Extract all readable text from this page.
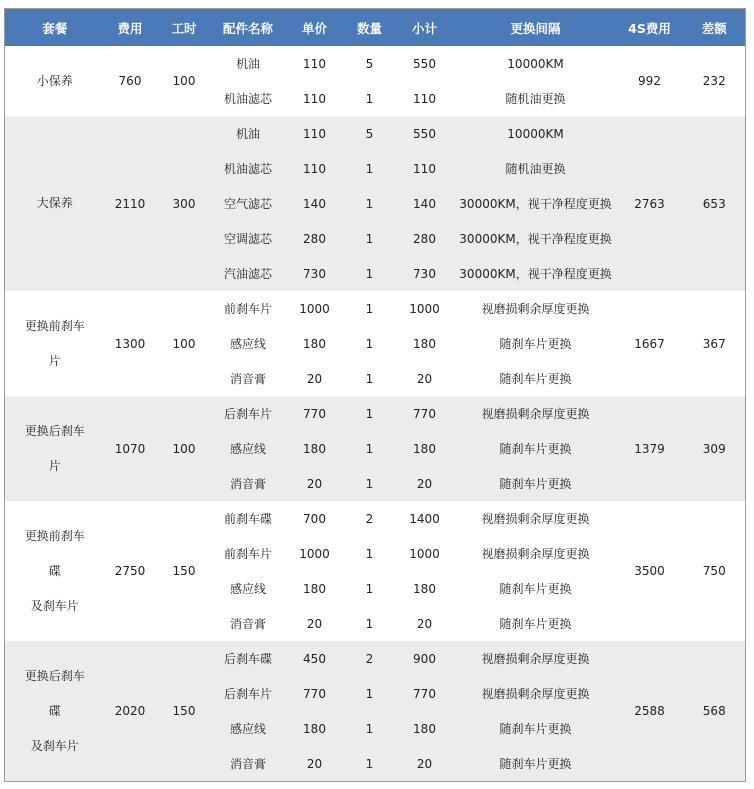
套餐	费用	工时	配件名称	单价	数量	小计	更换间隔	4S费用	差额

小保养	760	100	机油	110	5	550	10000KM	992	232
			机油滤芯	110	1	110	随机油更换		

大保养	2110	300	机油	110	5	550	10000KM	2763	653
			机油滤芯	110	1	110	随机油更换		
			空气滤芯	140	1	140	30000KM，视干净程度更换		
			空调滤芯	280	1	280	30000KM，视干净程度更换		
			汽油滤芯	730	1	730	30000KM，视干净程度更换		

更换前刹车
片	1300	100	前刹车片	1000	1	1000	视磨损剩余厚度更换	1667	367
			感应线	180	1	180	随刹车片更换		
			消音膏	20	1	20	随刹车片更换		

更换后刹车
片	1070	100	后刹车片	770	1	770	视磨损剩余厚度更换	1379	309
			感应线	180	1	180	随刹车片更换		
			消音膏	20	1	20	随刹车片更换		

更换前刹车
碟
及刹车片	2750	150	前刹车碟	700	2	1400	视磨损剩余厚度更换	3500	750
			前刹车片	1000	1	1000	视磨损剩余厚度更换		
			感应线	180	1	180	随刹车片更换		
			消音膏	20	1	20	随刹车片更换		

更换后刹车
碟
及刹车片	2020	150	后刹车碟	450	2	900	视磨损剩余厚度更换	2588	568
			后刹车片	770	1	770	视磨损剩余厚度更换		
			感应线	180	1	180	随刹车片更换		
			消音膏	20	1	20	随刹车片更换		
